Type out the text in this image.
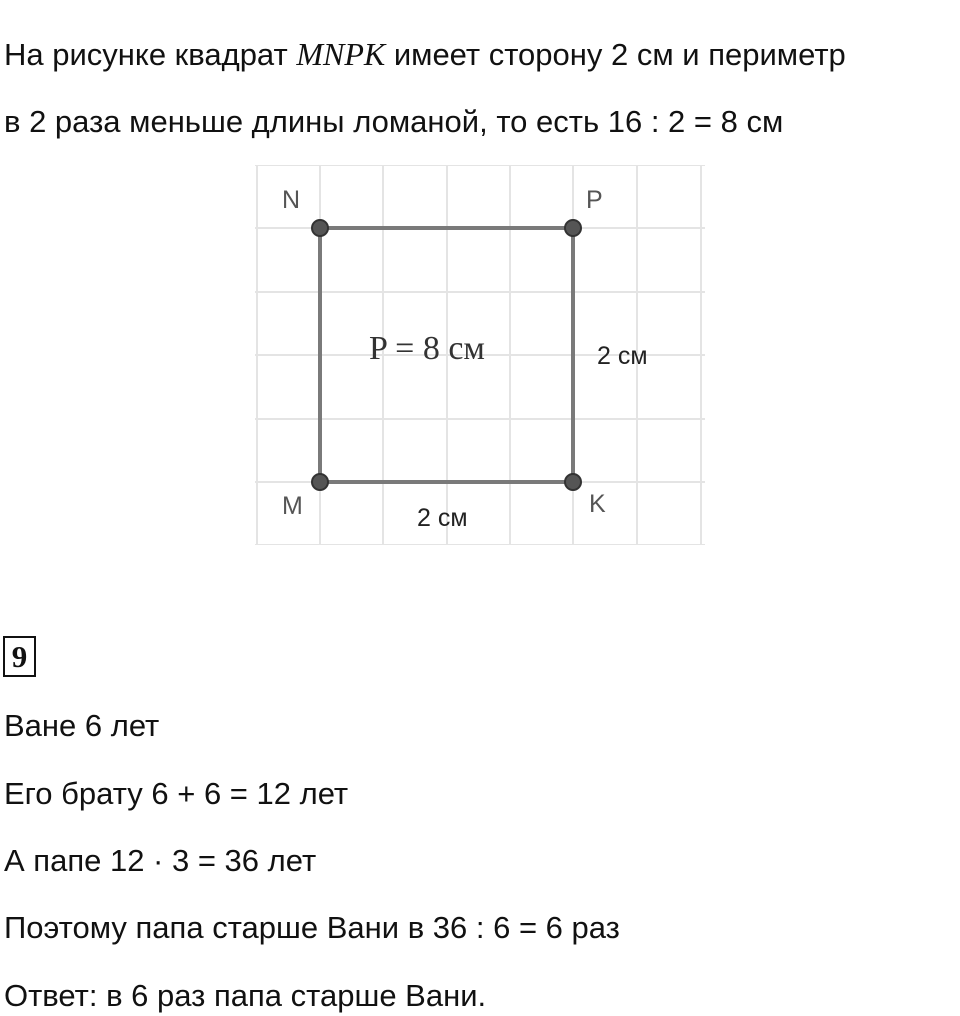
На рисунке квадрат MNPK имеет сторону 2 см и периметр
в 2 раза меньше длины ломаной, то есть 16 : 2 = 8 см
N	P
M	K
2 см
2 см
P = 8 см
9
Ване 6 лет
Его брату 6 + 6 = 12 лет
А папе 12 · 3 = 36 лет
Поэтому папа старше Вани в 36 : 6 = 6 раз
Ответ: в 6 раз папа старше Вани.
